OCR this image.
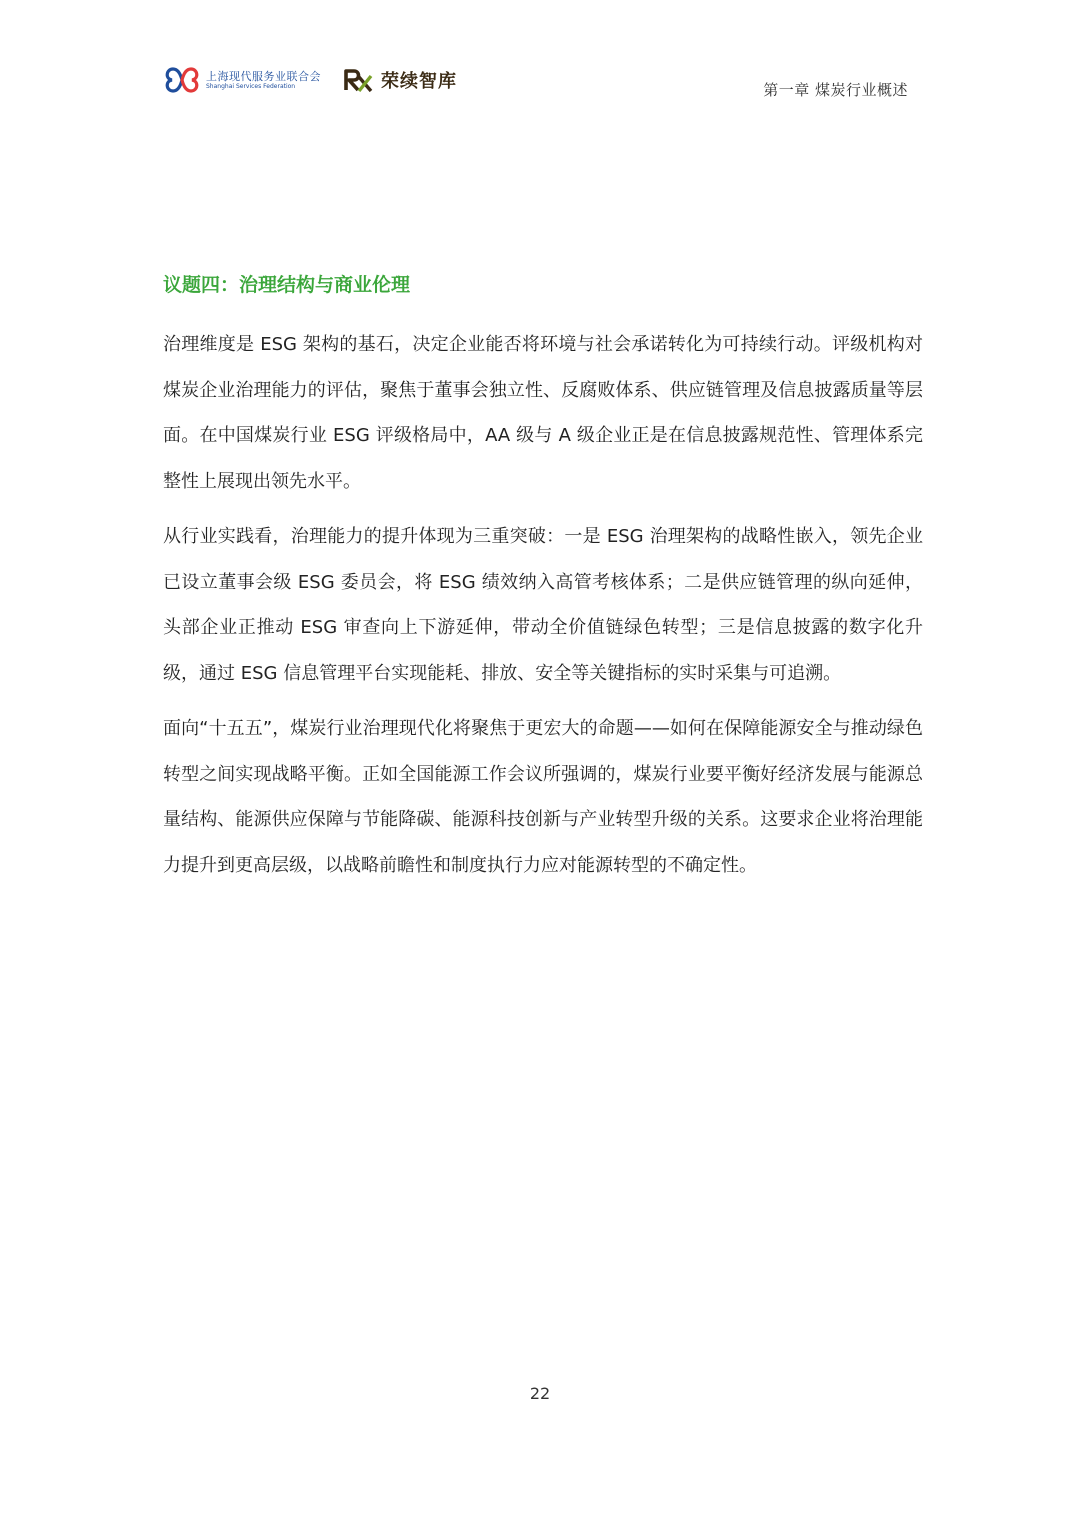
上海现代服务业联合会
Shanghai Services Federation	荣续智库	第一章 煤炭行业概述
议题四：治理结构与商业伦理

治理维度是 ESG 架构的基石，决定企业能否将环境与社会承诺转化为可持续行动。评级机构对煤炭企业治理能力的评估，聚焦于董事会独立性、反腐败体系、供应链管理及信息披露质量等层面。在中国煤炭行业 ESG 评级格局中，AA 级与 A 级企业正是在信息披露规范性、管理体系完整性上展现出领先水平。

从行业实践看，治理能力的提升体现为三重突破：一是 ESG 治理架构的战略性嵌入，领先企业已设立董事会级 ESG 委员会，将 ESG 绩效纳入高管考核体系；二是供应链管理的纵向延伸，头部企业正推动 ESG 审查向上下游延伸，带动全价值链绿色转型；三是信息披露的数字化升级，通过 ESG 信息管理平台实现能耗、排放、安全等关键指标的实时采集与可追溯。

面向“十五五”，煤炭行业治理现代化将聚焦于更宏大的命题——如何在保障能源安全与推动绿色转型之间实现战略平衡。正如全国能源工作会议所强调的，煤炭行业要平衡好经济发展与能源总量结构、能源供应保障与节能降碳、能源科技创新与产业转型升级的关系。这要求企业将治理能力提升到更高层级，以战略前瞻性和制度执行力应对能源转型的不确定性。

22
